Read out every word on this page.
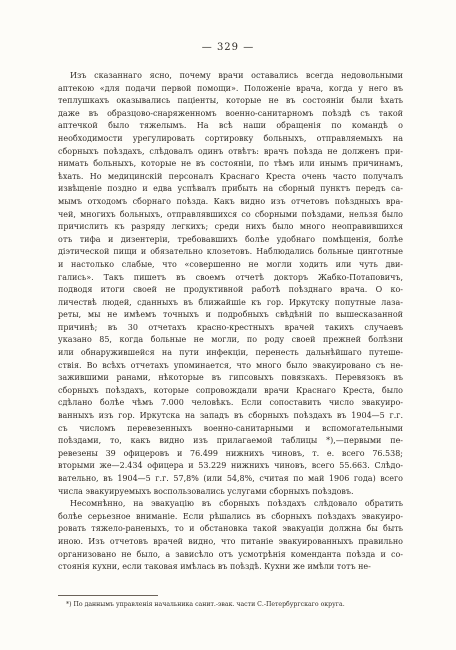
— 329 —
Изъ сказаннаго ясно, почему врачи оставались всегда недовольными
аптекою «для подачи первой помощи». Положеніе врача, когда у него въ
теплушкахъ оказывались паціенты, которые не въ состояніи были ѣхать
даже въ образцово-снаряженномъ военно-санитарномъ поѣздѣ съ такой
аптечкой было тяжелымъ. На всѣ наши обращенія по командѣ о
необходимости урегулировать сортировку больныхъ, отправляемыхъ на
сборныхъ поѣздахъ, слѣдовалъ одинъ отвѣтъ: врачъ поѣзда не долженъ при-
нимать больныхъ, которые не въ состояніи, по тѣмъ или инымъ причинамъ,
ѣхать. Но медицинскій персоналъ Краснаго Креста очень часто получалъ
извѣщеніе поздно и едва успѣвалъ прибыть на сборный пунктъ передъ са-
мымъ отходомъ сборнаго поѣзда. Какъ видно изъ отчетовъ поѣздныхъ вра-
чей, многихъ больныхъ, отправлявшихся со сборными поѣздами, нельзя было
причислить къ разряду легкихъ; среди нихъ было много неоправившихся
отъ тифа и дизентеріи, требовавшихъ болѣе удобнаго помѣщенія, болѣе
діэтической пищи и обязательно клозетовъ. Наблюдались больные цинготные
и настолько слабые, что «совершенно не могли ходить или чуть дви-
гались». Такъ пишетъ въ своемъ отчетѣ докторъ Жабко-Потаповичъ,
подводя итоги своей не продуктивной работѣ поѣзднаго врача. О ко-
личествѣ людей, сданныхъ въ ближайшіе къ гор. Иркутску попутные лаза-
реты, мы не имѣемъ точныхъ и подробныхъ свѣдѣній по вышесказанной
причинѣ; въ 30 отчетахъ красно-крестныхъ врачей такихъ случаевъ
указано 85, когда больные не могли, по роду своей прежней болѣзни
или обнаружившейся на пути инфекціи, перенесть дальнѣйшаго путеше-
ствія. Во всѣхъ отчетахъ упоминается, что много было эвакуировано съ не-
зажившими ранами, нѣкоторые въ гипсовыхъ повязкахъ. Перевязокъ въ
сборныхъ поѣздахъ, которые сопровождали врачи Краснаго Креста, было
сдѣлано болѣе чѣмъ 7.000 человѣкъ. Если сопоставить число эвакуиро-
ванныхъ изъ гор. Иркутска на западъ въ сборныхъ поѣздахъ въ 1904—5 г.г.
съ числомъ перевезенныхъ военно-санитарными и вспомогательными
поѣздами, то, какъ видно изъ прилагаемой таблицы *),—первыми пе-
ревезены 39 офицеровъ и 76.499 нижнихъ чиновъ, т. е. всего 76.538;
вторыми же—2.434 офицера и 53.229 нижнихъ чиновъ, всего 55.663. Слѣдо-
вательно, въ 1904—5 г.г. 57,8% (или 54,8%, считая по май 1906 года) всего
числа эвакуируемыхъ воспользовались услугами сборныхъ поѣздовъ.
Несомнѣнно, на эвакуацію въ сборныхъ поѣздахъ слѣдовало обратить
болѣе серьезное вниманіе. Если рѣшались въ сборныхъ поѣздахъ эвакуиро-
ровать тяжело-раненыхъ, то и обстановка такой эвакуаціи должна бы быть
иною. Изъ отчетовъ врачей видно, что питаніе эвакуированныхъ правильно
организовано не было, а зависѣло отъ усмотрѣнія коменданта поѣзда и со-
стоянія кухни, если таковая имѣлась въ поѣздѣ. Кухни же имѣли тотъ не-
*) По даннымъ управленія начальника санит.-эвак. части С.-Петербургскаго округа.
